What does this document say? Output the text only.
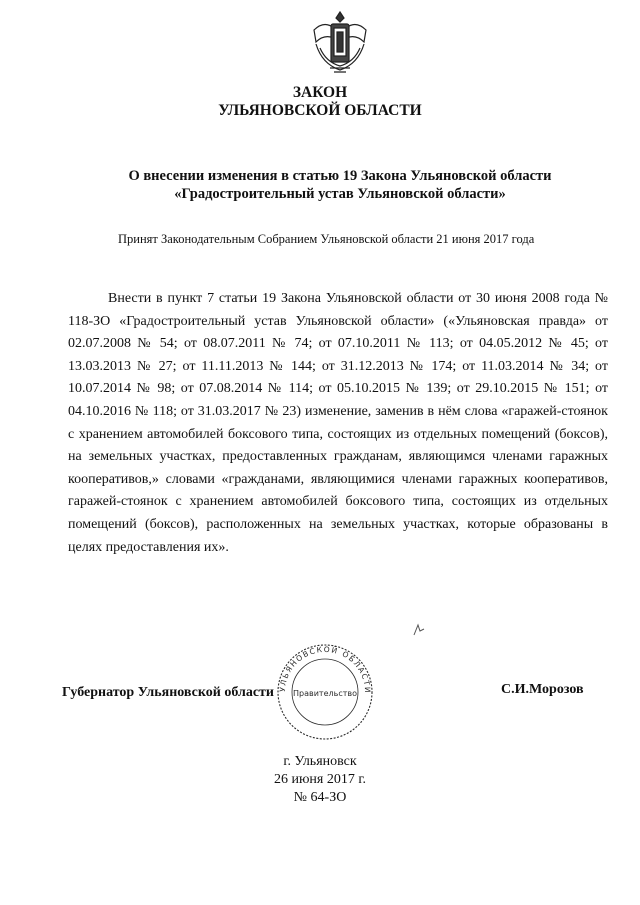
ЗАКОН
УЛЬЯНОВСКОЙ ОБЛАСТИ
О внесении изменения в статью 19 Закона Ульяновской области
«Градостроительный устав Ульяновской области»
Принят Законодательным Собранием Ульяновской области 21 июня 2017 года
Внести в пункт 7 статьи 19 Закона Ульяновской области от 30 июня 2008 года № 118-ЗО «Градостроительный устав Ульяновской области» («Ульяновская правда» от 02.07.2008 № 54; от 08.07.2011 № 74; от 07.10.2011 № 113; от 04.05.2012 № 45; от 13.03.2013 № 27; от 11.11.2013 № 144; от 31.12.2013 № 174; от 11.03.2014 № 34; от 10.07.2014 № 98; от 07.08.2014 № 114; от 05.10.2015 № 139; от 29.10.2015 № 151; от 04.10.2016 № 118; от 31.03.2017 № 23) изменение, заменив в нём слова «гаражей-стоянок с хранением автомобилей боксового типа, состоящих из отдельных помещений (боксов), на земельных участках, предоставленных гражданам, являющимся членами гаражных кооперативов,» словами «гражданами, являющимися членами гаражных кооперативов, гаражей-стоянок с хранением автомобилей боксового типа, состоящих из отдельных помещений (боксов), расположенных на земельных участках, которые образованы в целях предоставления их».
УЛЬЯНОВСКОЙ ОБЛАСТИ
Правительство
Губернатор Ульяновской области	С.И.Морозов
г. Ульяновск
26 июня 2017 г.
№ 64-ЗО
